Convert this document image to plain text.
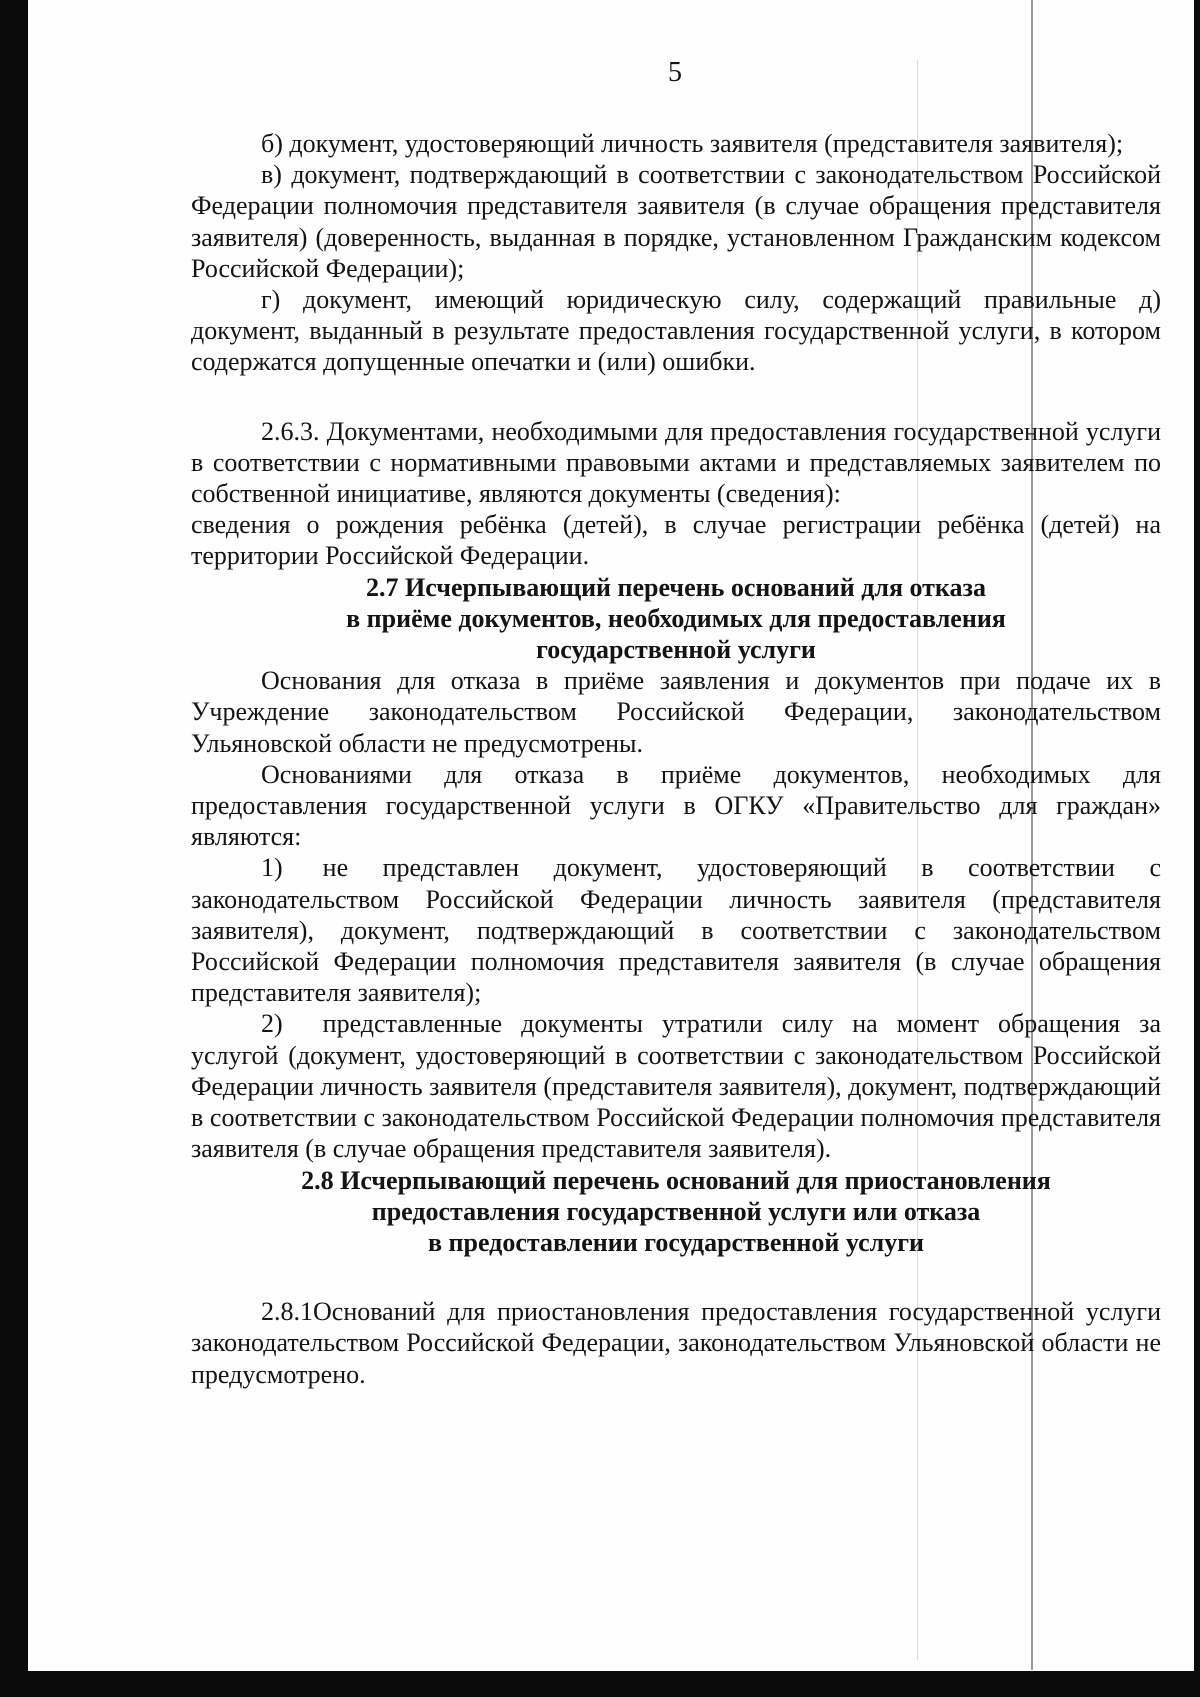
5

б) документ, удостоверяющий личность заявителя (представителя заявителя);

в) документ, подтверждающий в соответствии с законодательством Российской Федерации полномочия представителя заявителя (в случае обращения представителя заявителя) (доверенность, выданная в порядке, установленном Гражданским кодексом Российской Федерации);

г) документ, имеющий юридическую силу, содержащий правильные д) документ, выданный в результате предоставления государственной услуги, в котором содержатся допущенные опечатки и (или) ошибки.

2.6.3. Документами, необходимыми для предоставления государственной услуги в соответствии с нормативными правовыми актами и представляемых заявителем по собственной инициативе, являются документы (сведения):

сведения о рождения ребёнка (детей), в случае регистрации ребёнка (детей) на территории Российской Федерации.

2.7 Исчерпывающий перечень оснований для отказа
в приёме документов, необходимых для предоставления
государственной услуги

Основания для отказа в приёме заявления и документов при подаче их в Учреждение законодательством Российской Федерации, законодательством Ульяновской области не предусмотрены.

Основаниями для отказа в приёме документов, необходимых для предоставления государственной услуги в ОГКУ «Правительство для граждан» являются:

1) не представлен документ, удостоверяющий в соответствии с законодательством Российской Федерации личность заявителя (представителя заявителя), документ, подтверждающий в соответствии с законодательством Российской Федерации полномочия представителя заявителя (в случае обращения представителя заявителя);

2) представленные документы утратили силу на момент обращения за услугой (документ, удостоверяющий в соответствии с законодательством Российской Федерации личность заявителя (представителя заявителя), документ, подтверждающий в соответствии с законодательством Российской Федерации полномочия представителя заявителя (в случае обращения представителя заявителя).

2.8 Исчерпывающий перечень оснований для приостановления
предоставления государственной услуги или отказа
в предоставлении государственной услуги

2.8.1Оснований для приостановления предоставления государственной услуги законодательством Российской Федерации, законодательством Ульяновской области не предусмотрено.
